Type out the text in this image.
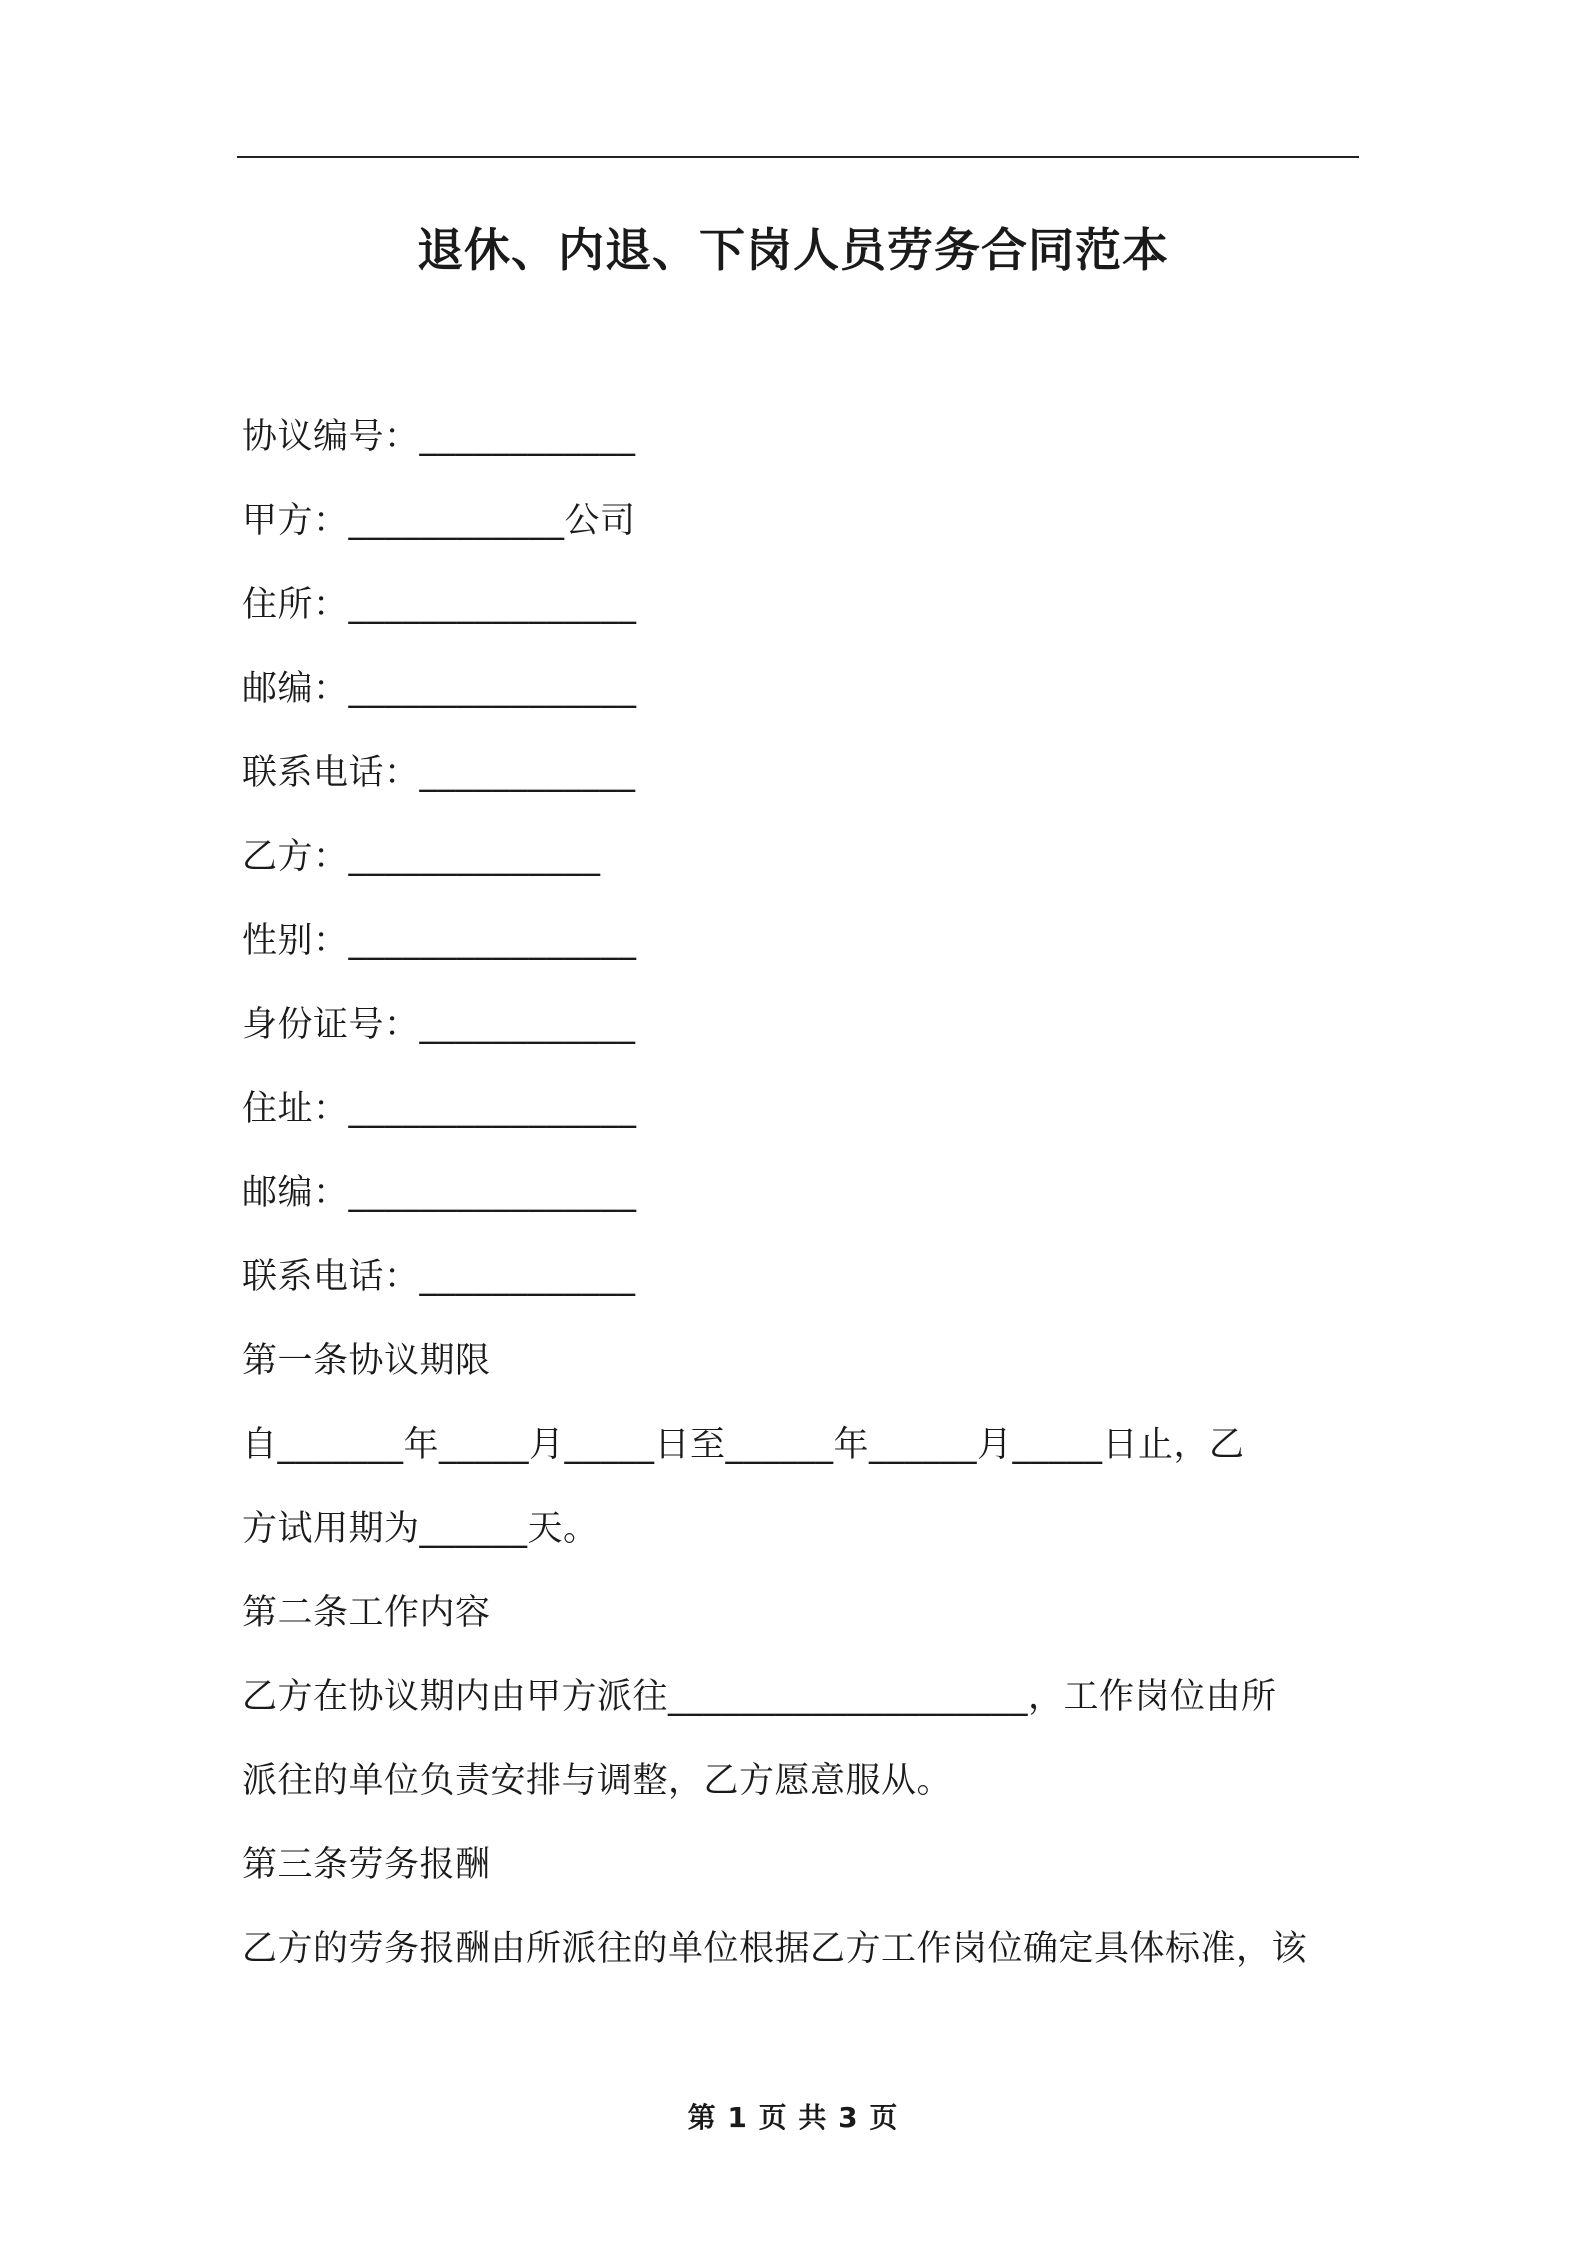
退休、内退、下岗人员劳务合同范本
协议编号：____________
甲方：____________公司
住所：________________
邮编：________________
联系电话：____________
乙方：______________
性别：________________
身份证号：____________
住址：________________
邮编：________________
联系电话：____________
第一条协议期限
自_______年_____月_____日至______年______月_____日止，乙
方试用期为______天。
第二条工作内容
乙方在协议期内由甲方派往____________________，工作岗位由所
派往的单位负责安排与调整，乙方愿意服从。
第三条劳务报酬
乙方的劳务报酬由所派往的单位根据乙方工作岗位确定具体标准，该
第 1 页 共 3 页
